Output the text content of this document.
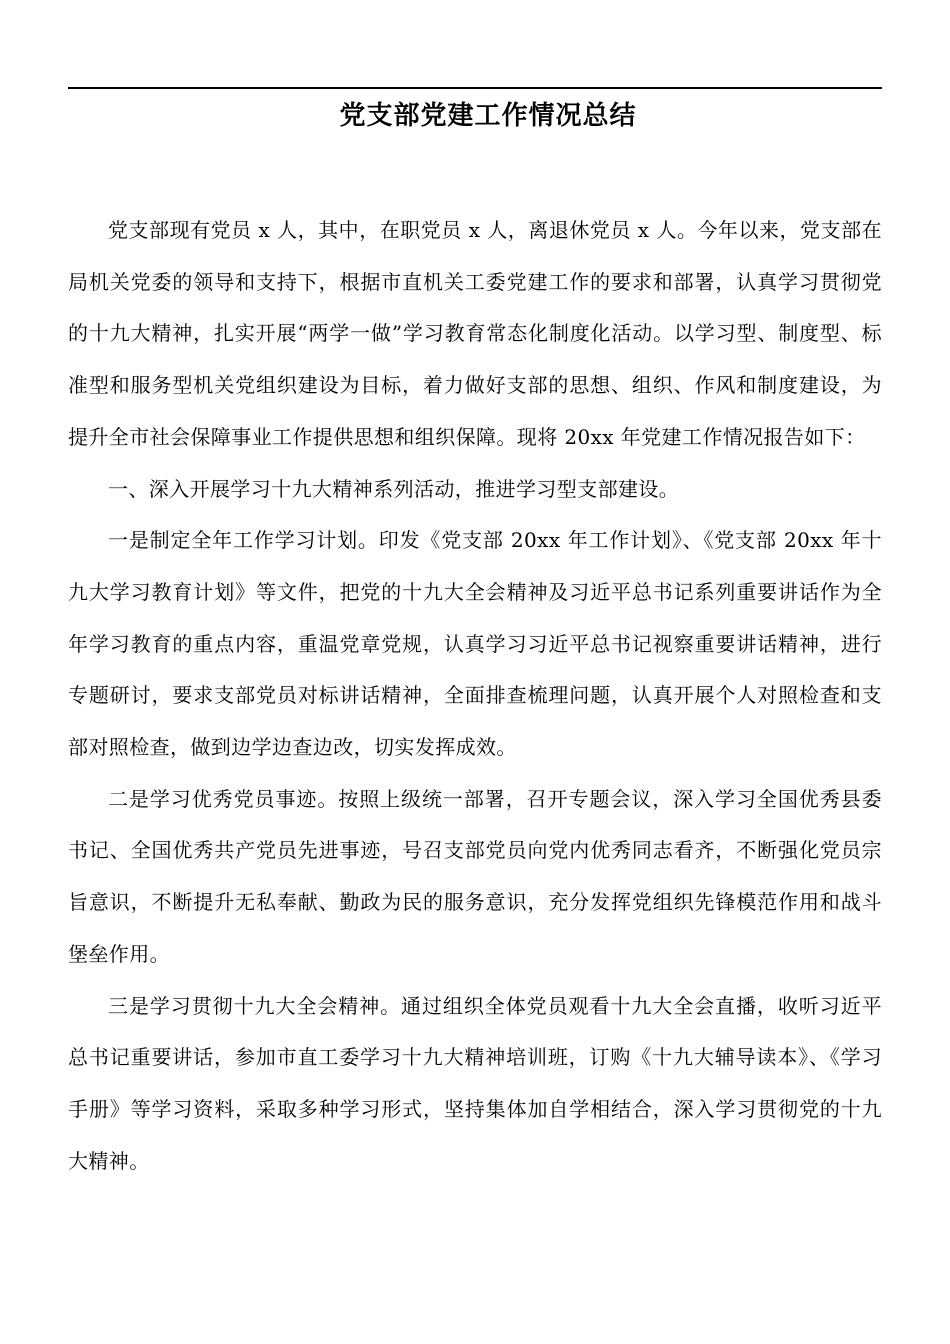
党支部党建工作情况总结

党支部现有党员 x 人，其中，在职党员 x 人，离退休党员 x 人。今年以来，党支部在局机关党委的领导和支持下，根据市直机关工委党建工作的要求和部署，认真学习贯彻党的十九大精神，扎实开展“两学一做”学习教育常态化制度化活动。以学习型、制度型、标准型和服务型机关党组织建设为目标，着力做好支部的思想、组织、作风和制度建设，为提升全市社会保障事业工作提供思想和组织保障。现将 20xx 年党建工作情况报告如下：

一、深入开展学习十九大精神系列活动，推进学习型支部建设。

一是制定全年工作学习计划。印发《党支部 20xx 年工作计划》、《党支部 20xx 年十九大学习教育计划》等文件，把党的十九大全会精神及习近平总书记系列重要讲话作为全年学习教育的重点内容，重温党章党规，认真学习习近平总书记视察重要讲话精神，进行专题研讨，要求支部党员对标讲话精神，全面排查梳理问题，认真开展个人对照检查和支部对照检查，做到边学边查边改，切实发挥成效。

二是学习优秀党员事迹。按照上级统一部署，召开专题会议，深入学习全国优秀县委书记、全国优秀共产党员先进事迹，号召支部党员向党内优秀同志看齐，不断强化党员宗旨意识，不断提升无私奉献、勤政为民的服务意识，充分发挥党组织先锋模范作用和战斗堡垒作用。

三是学习贯彻十九大全会精神。通过组织全体党员观看十九大全会直播，收听习近平总书记重要讲话，参加市直工委学习十九大精神培训班，订购《十九大辅导读本》、《学习手册》等学习资料，采取多种学习形式，坚持集体加自学相结合，深入学习贯彻党的十九大精神。
